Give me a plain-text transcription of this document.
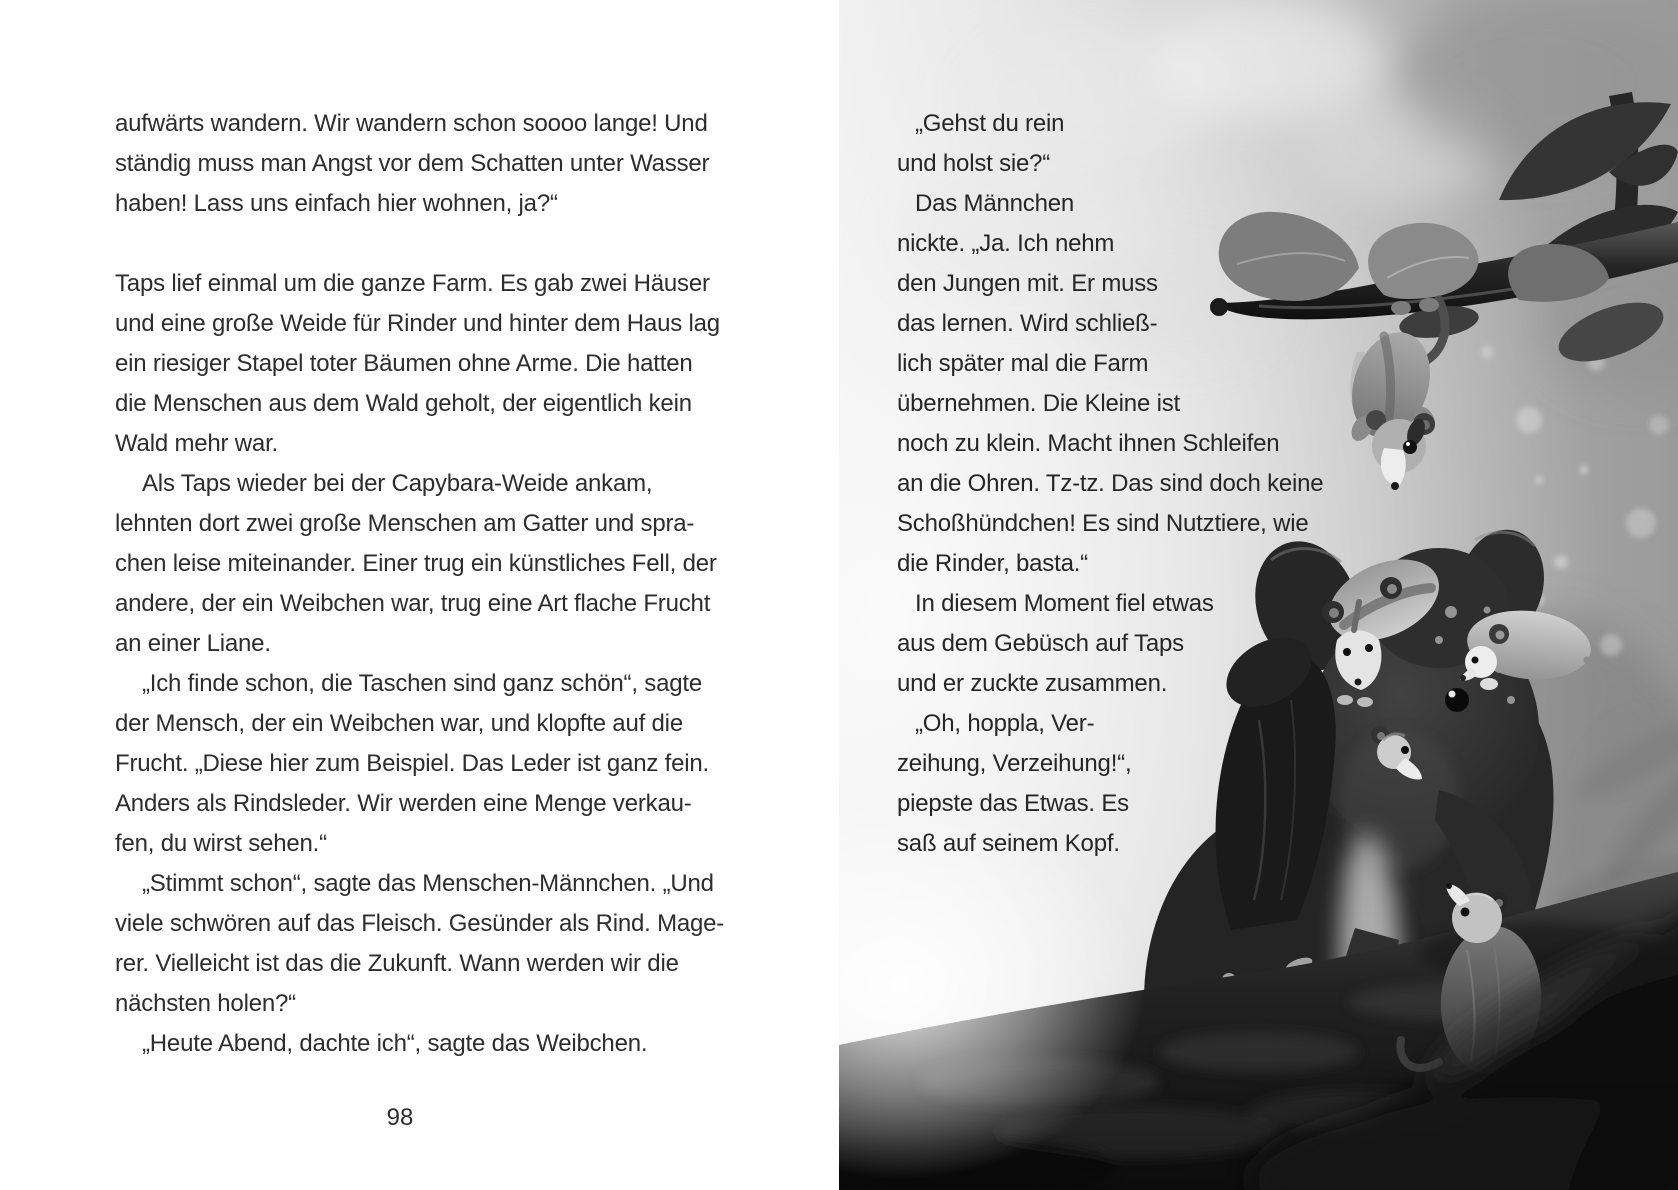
aufwärts wandern. Wir wandern schon soooo lange! Und
ständig muss man Angst vor dem Schatten unter Wasser
haben! Lass uns einfach hier wohnen, ja?“

Taps lief einmal um die ganze Farm. Es gab zwei Häuser
und eine große Weide für Rinder und hinter dem Haus lag
ein riesiger Stapel toter Bäumen ohne Arme. Die hatten
die Menschen aus dem Wald geholt, der eigentlich kein
Wald mehr war.
Als Taps wieder bei der Capybara-Weide ankam,
lehnten dort zwei große Menschen am Gatter und spra-
chen leise miteinander. Einer trug ein künstliches Fell, der
andere, der ein Weibchen war, trug eine Art flache Frucht
an einer Liane.
„Ich finde schon, die Taschen sind ganz schön“, sagte
der Mensch, der ein Weibchen war, und klopfte auf die
Frucht. „Diese hier zum Beispiel. Das Leder ist ganz fein.
Anders als Rindsleder. Wir werden eine Menge verkau-
fen, du wirst sehen.“
„Stimmt schon“, sagte das Menschen-Männchen. „Und
viele schwören auf das Fleisch. Gesünder als Rind. Mage-
rer. Vielleicht ist das die Zukunft. Wann werden wir die
nächsten holen?“
„Heute Abend, dachte ich“, sagte das Weibchen.
98
„Gehst du rein
und holst sie?“
Das Männchen
nickte. „Ja. Ich nehm
den Jungen mit. Er muss
das lernen. Wird schließ-
lich später mal die Farm
übernehmen. Die Kleine ist
noch zu klein. Macht ihnen Schleifen
an die Ohren. Tz-tz. Das sind doch keine
Schoßhündchen! Es sind Nutztiere, wie
die Rinder, basta.“
In diesem Moment fiel etwas
aus dem Gebüsch auf Taps
und er zuckte zusammen.
„Oh, hoppla, Ver-
zeihung, Verzeihung!“,
piepste das Etwas. Es
saß auf seinem Kopf.
